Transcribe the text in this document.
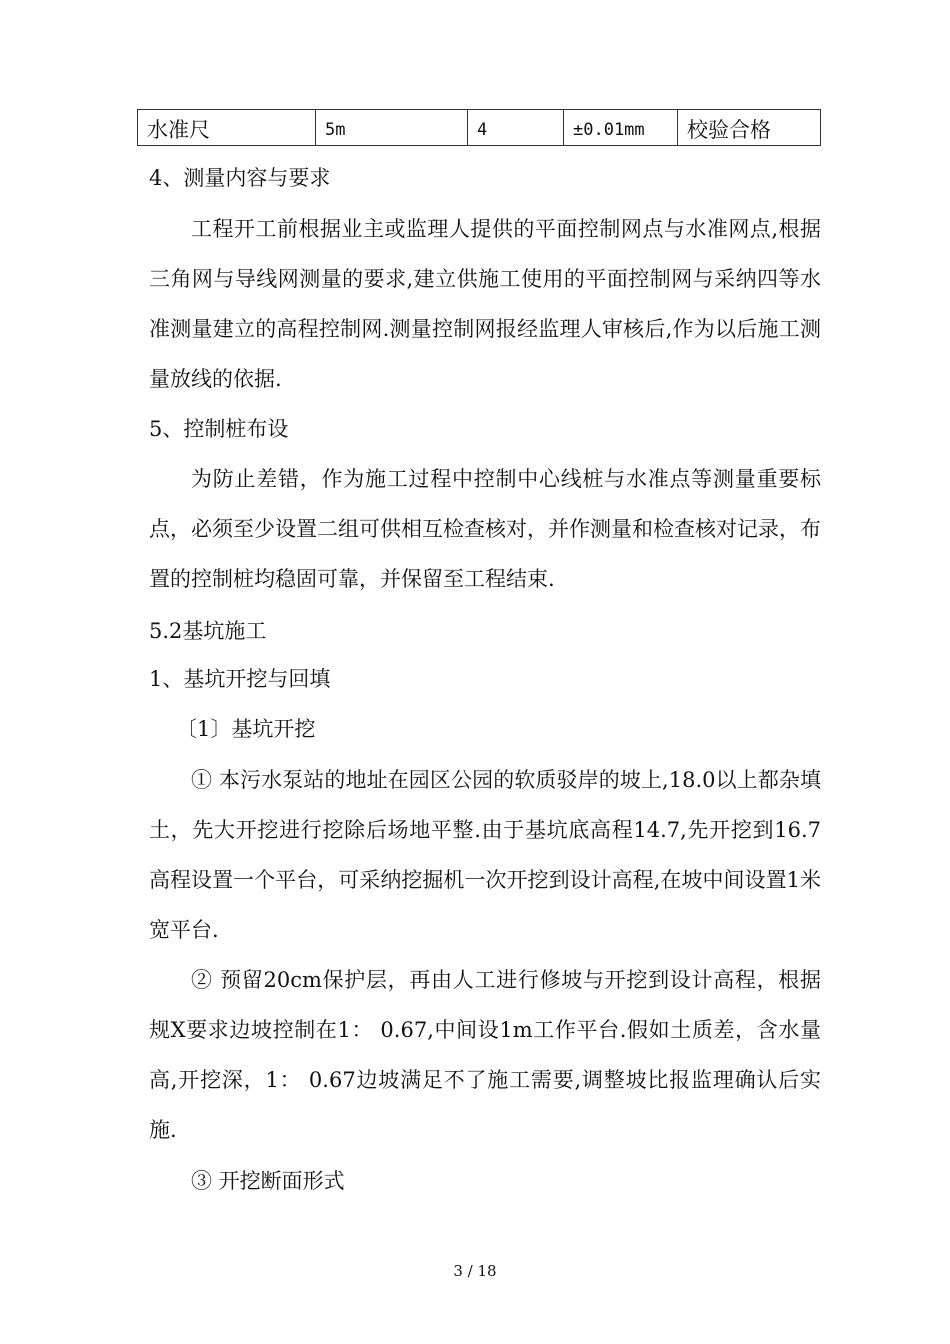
水准尺	5m	4	±0.01mm	校验合格

4、测量内容与要求

工程开工前根据业主或监理人提供的平面控制网点与水准网点,根据三角网与导线网测量的要求,建立供施工使用的平面控制网与采纳四等水准测量建立的高程控制网.测量控制网报经监理人审核后,作为以后施工测量放线的依据.

5、控制桩布设

为防止差错，作为施工过程中控制中心线桩与水准点等测量重要标点，必须至少设置二组可供相互检查核对，并作测量和检查核对记录，布置的控制桩均稳固可靠，并保留至工程结束.

5.2基坑施工

1、基坑开挖与回填

〔1〕基坑开挖

① 本污水泵站的地址在园区公园的软质驳岸的坡上,18.0以上都杂填土，先大开挖进行挖除后场地平整.由于基坑底高程14.7,先开挖到16.7高程设置一个平台，可采纳挖掘机一次开挖到设计高程,在坡中间设置1米宽平台.

② 预留20cm保护层，再由人工进行修坡与开挖到设计高程，根据规X要求边坡控制在1： 0.67,中间设1m工作平台.假如土质差，含水量高,开挖深，1： 0.67边坡满足不了施工需要,调整坡比报监理确认后实施.

③ 开挖断面形式

3 / 18
